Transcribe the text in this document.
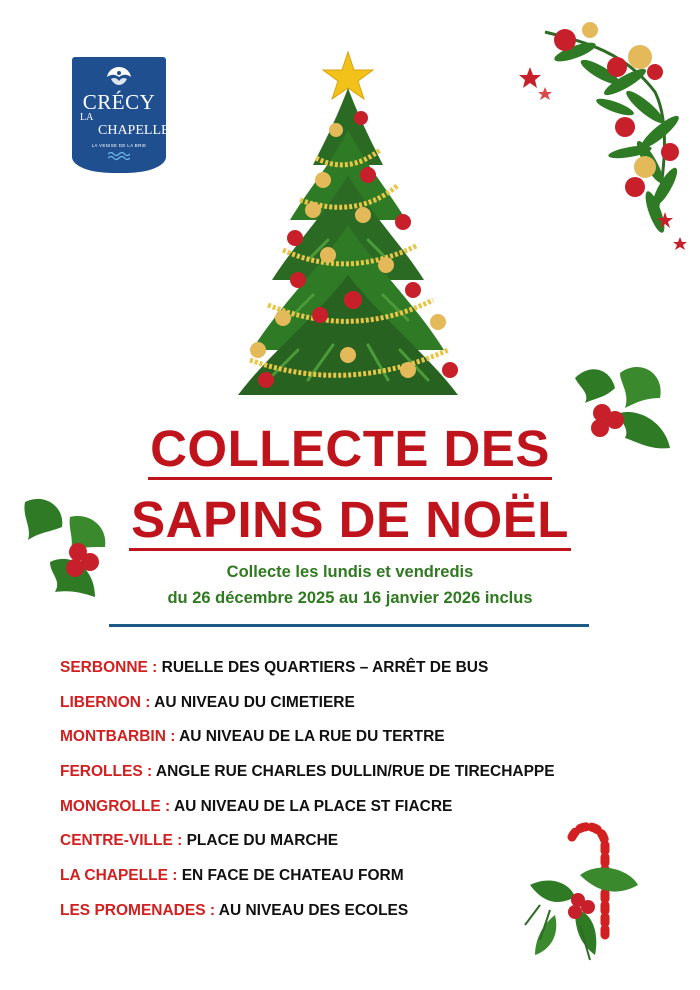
CRÉCY
LA
CHAPELLE
LA VENISE DE LA BRIE
COLLECTE DES
SAPINS DE NOËL
Collecte les lundis et vendredis
du 26 décembre 2025 au 16 janvier 2026 inclus
SERBONNE : RUELLE DES QUARTIERS – ARRÊT DE BUS
LIBERNON : AU NIVEAU DU CIMETIERE
MONTBARBIN : AU NIVEAU DE LA RUE DU TERTRE
FEROLLES : ANGLE RUE CHARLES DULLIN/RUE DE TIRECHAPPE
MONGROLLE : AU NIVEAU DE LA PLACE ST FIACRE
CENTRE-VILLE : PLACE DU MARCHE
LA CHAPELLE : EN FACE DE CHATEAU FORM
LES PROMENADES : AU NIVEAU DES ECOLES
